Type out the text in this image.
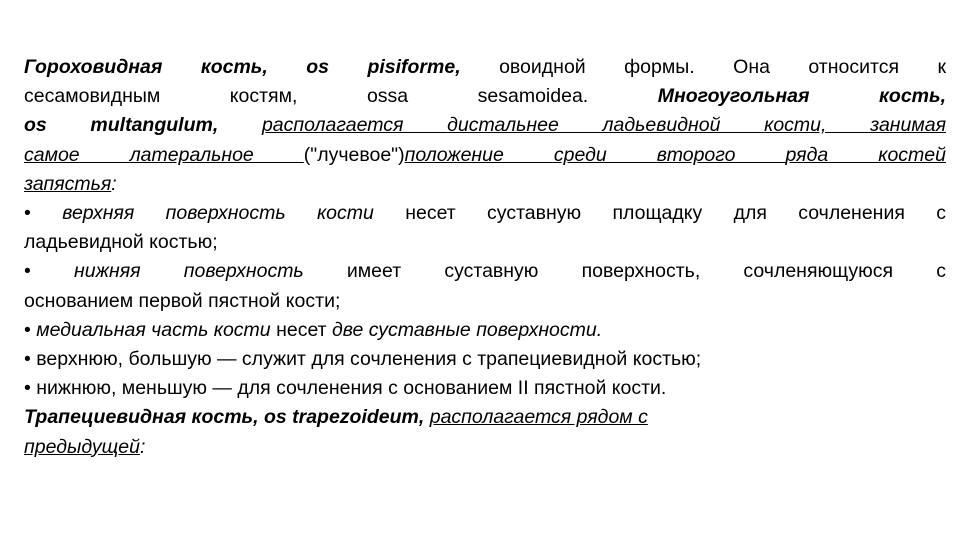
Гороховидная кость, os pisiforme, овоидной формы. Она относится к
сесамовидным костям, ossa sesamoidea. Многоугольная кость,
os multangulum, располагается дистальнее ладьевидной кости, занимая
самое латеральное ("лучевое")положение среди второго ряда костей
запястья:
• верхняя поверхность кости несет суставную площадку для сочленения с
ладьевидной костью;
• нижняя поверхность имеет суставную поверхность, сочленяющуюся с
основанием первой пястной кости;
• медиальная часть кости несет две суставные поверхности.
• верхнюю, большую — служит для сочленения с трапециевидной костью;
• нижнюю, меньшую — для сочленения с основанием II пястной кости.
Трапециевидная кость, os trapezoideum, располагается рядом с
предыдущей:
